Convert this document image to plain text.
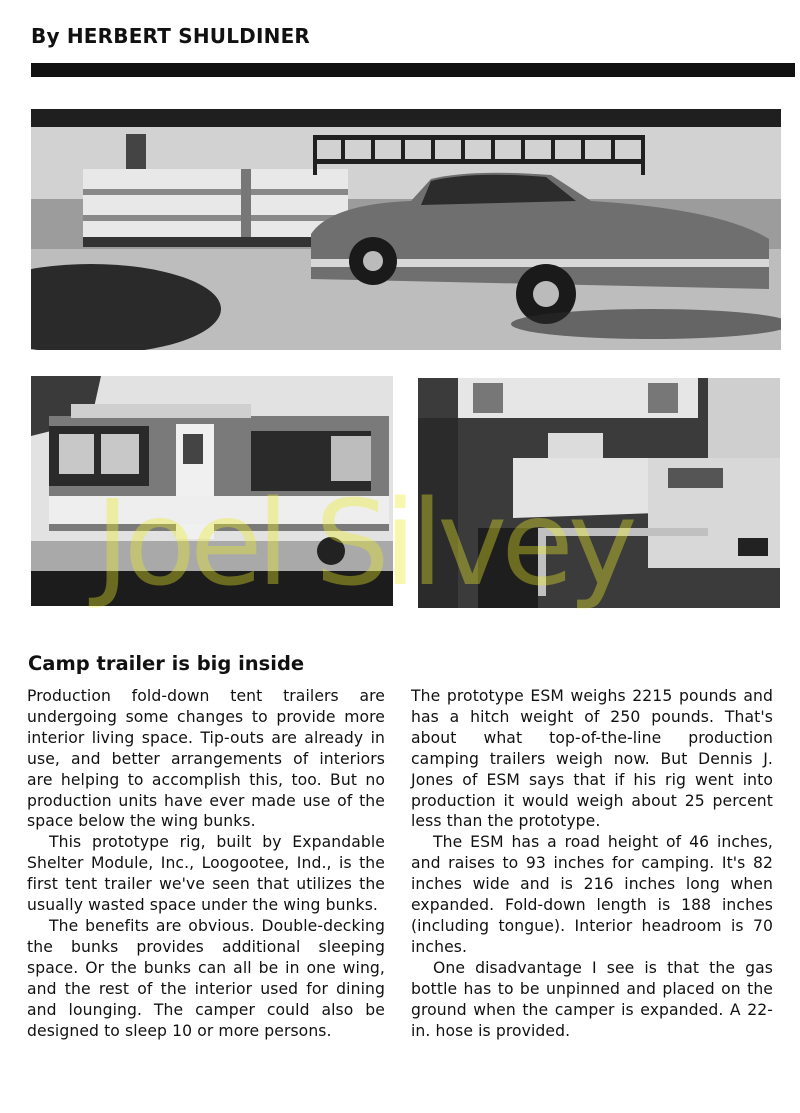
By HERBERT SHULDINER
Joel Silvey
Camp trailer is big inside

Production fold-down tent trailers are undergoing some changes to provide more interior living space. Tip-outs are already in use, and better arrangements of interiors are helping to accomplish this, too. But no production units have ever made use of the space below the wing bunks.

This prototype rig, built by Expandable Shelter Module, Inc., Loogootee, Ind., is the first tent trailer we've seen that utilizes the usually wasted space under the wing bunks.

The benefits are obvious. Double-decking the bunks provides additional sleeping space. Or the bunks can all be in one wing, and the rest of the interior used for dining and lounging. The camper could also be designed to sleep 10 or more persons.

The prototype ESM weighs 2215 pounds and has a hitch weight of 250 pounds. That's about what top-of-the-line production camping trailers weigh now. But Dennis J. Jones of ESM says that if his rig went into production it would weigh about 25 percent less than the prototype.

The ESM has a road height of 46 inches, and raises to 93 inches for camping. It's 82 inches wide and is 216 inches long when expanded. Fold-down length is 188 inches (including tongue). Interior headroom is 70 inches.

One disadvantage I see is that the gas bottle has to be unpinned and placed on the ground when the camper is expanded. A 22-in. hose is provided.
